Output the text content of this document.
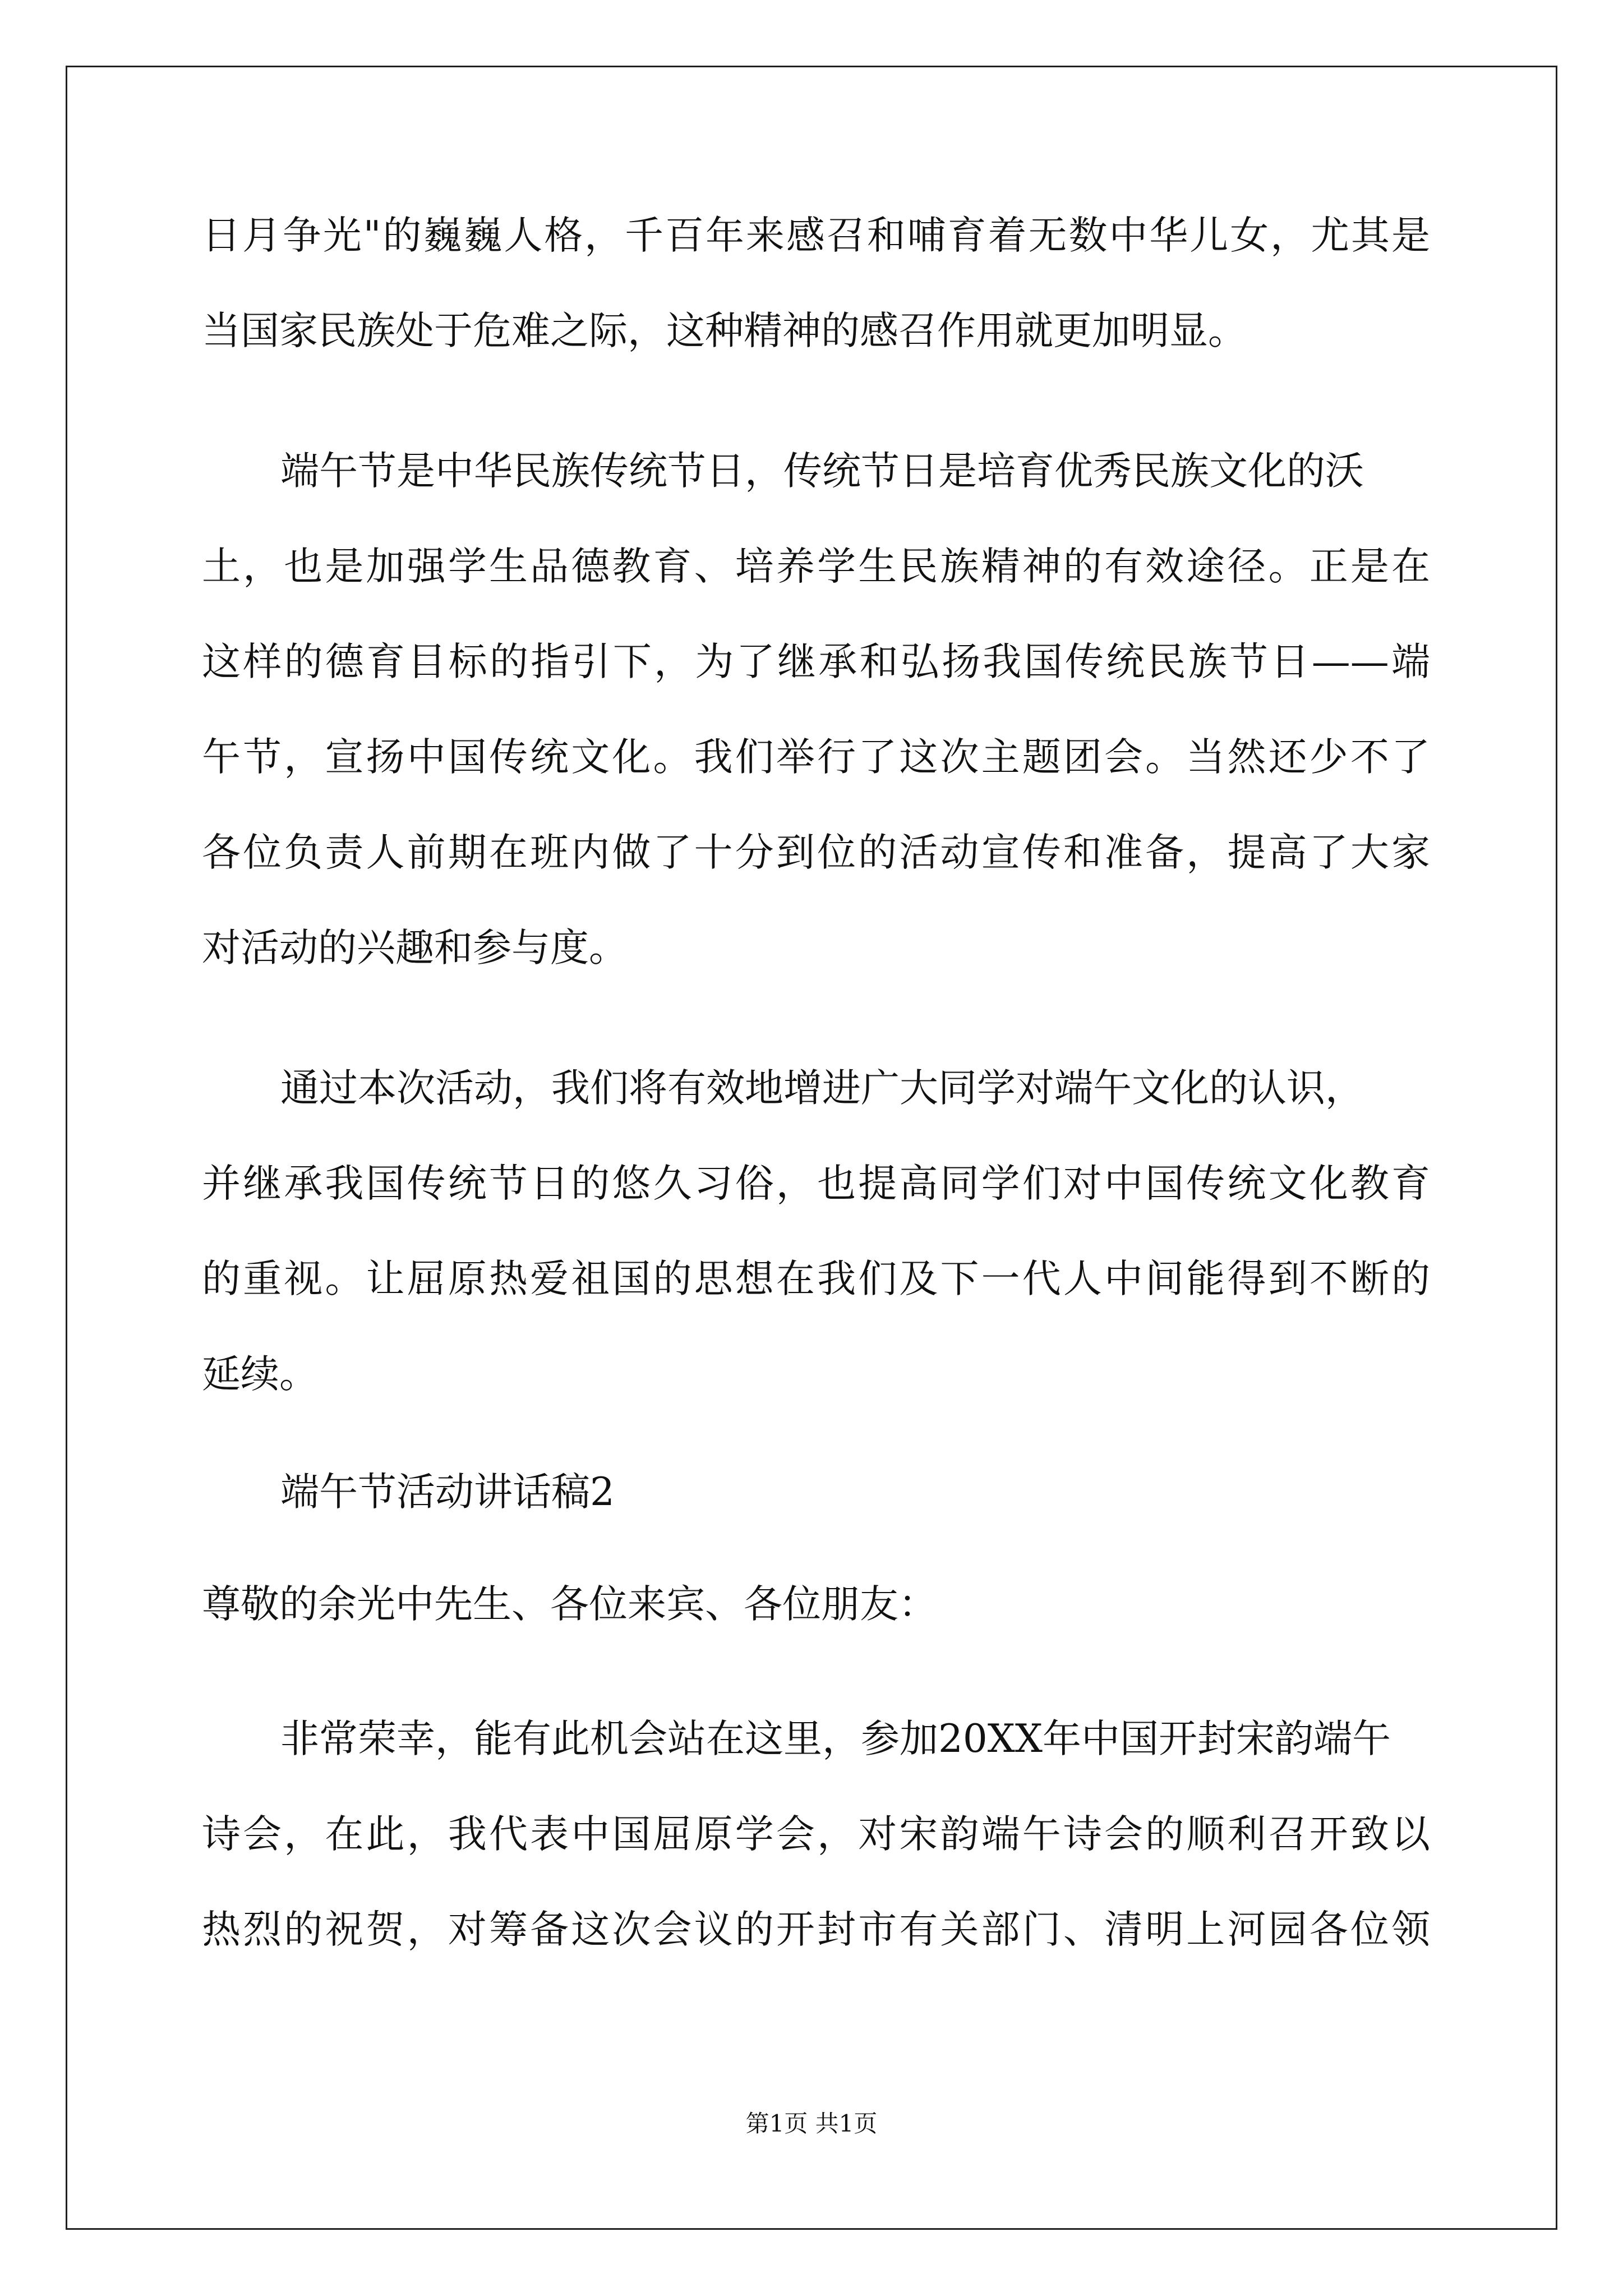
日月争光"的巍巍人格，千百年来感召和哺育着无数中华儿女，尤其是
当国家民族处于危难之际，这种精神的感召作用就更加明显。
端午节是中华民族传统节日，传统节日是培育优秀民族文化的沃
土，也是加强学生品德教育、培养学生民族精神的有效途径。正是在
这样的德育目标的指引下，为了继承和弘扬我国传统民族节日——端
午节，宣扬中国传统文化。我们举行了这次主题团会。当然还少不了
各位负责人前期在班内做了十分到位的活动宣传和准备，提高了大家
对活动的兴趣和参与度。
通过本次活动，我们将有效地增进广大同学对端午文化的认识，
并继承我国传统节日的悠久习俗，也提高同学们对中国传统文化教育
的重视。让屈原热爱祖国的思想在我们及下一代人中间能得到不断的
延续。
端午节活动讲话稿2
尊敬的余光中先生、各位来宾、各位朋友：
非常荣幸，能有此机会站在这里，参加20XX年中国开封宋韵端午
诗会，在此，我代表中国屈原学会，对宋韵端午诗会的顺利召开致以
热烈的祝贺，对筹备这次会议的开封市有关部门、清明上河园各位领
第1页 共1页
